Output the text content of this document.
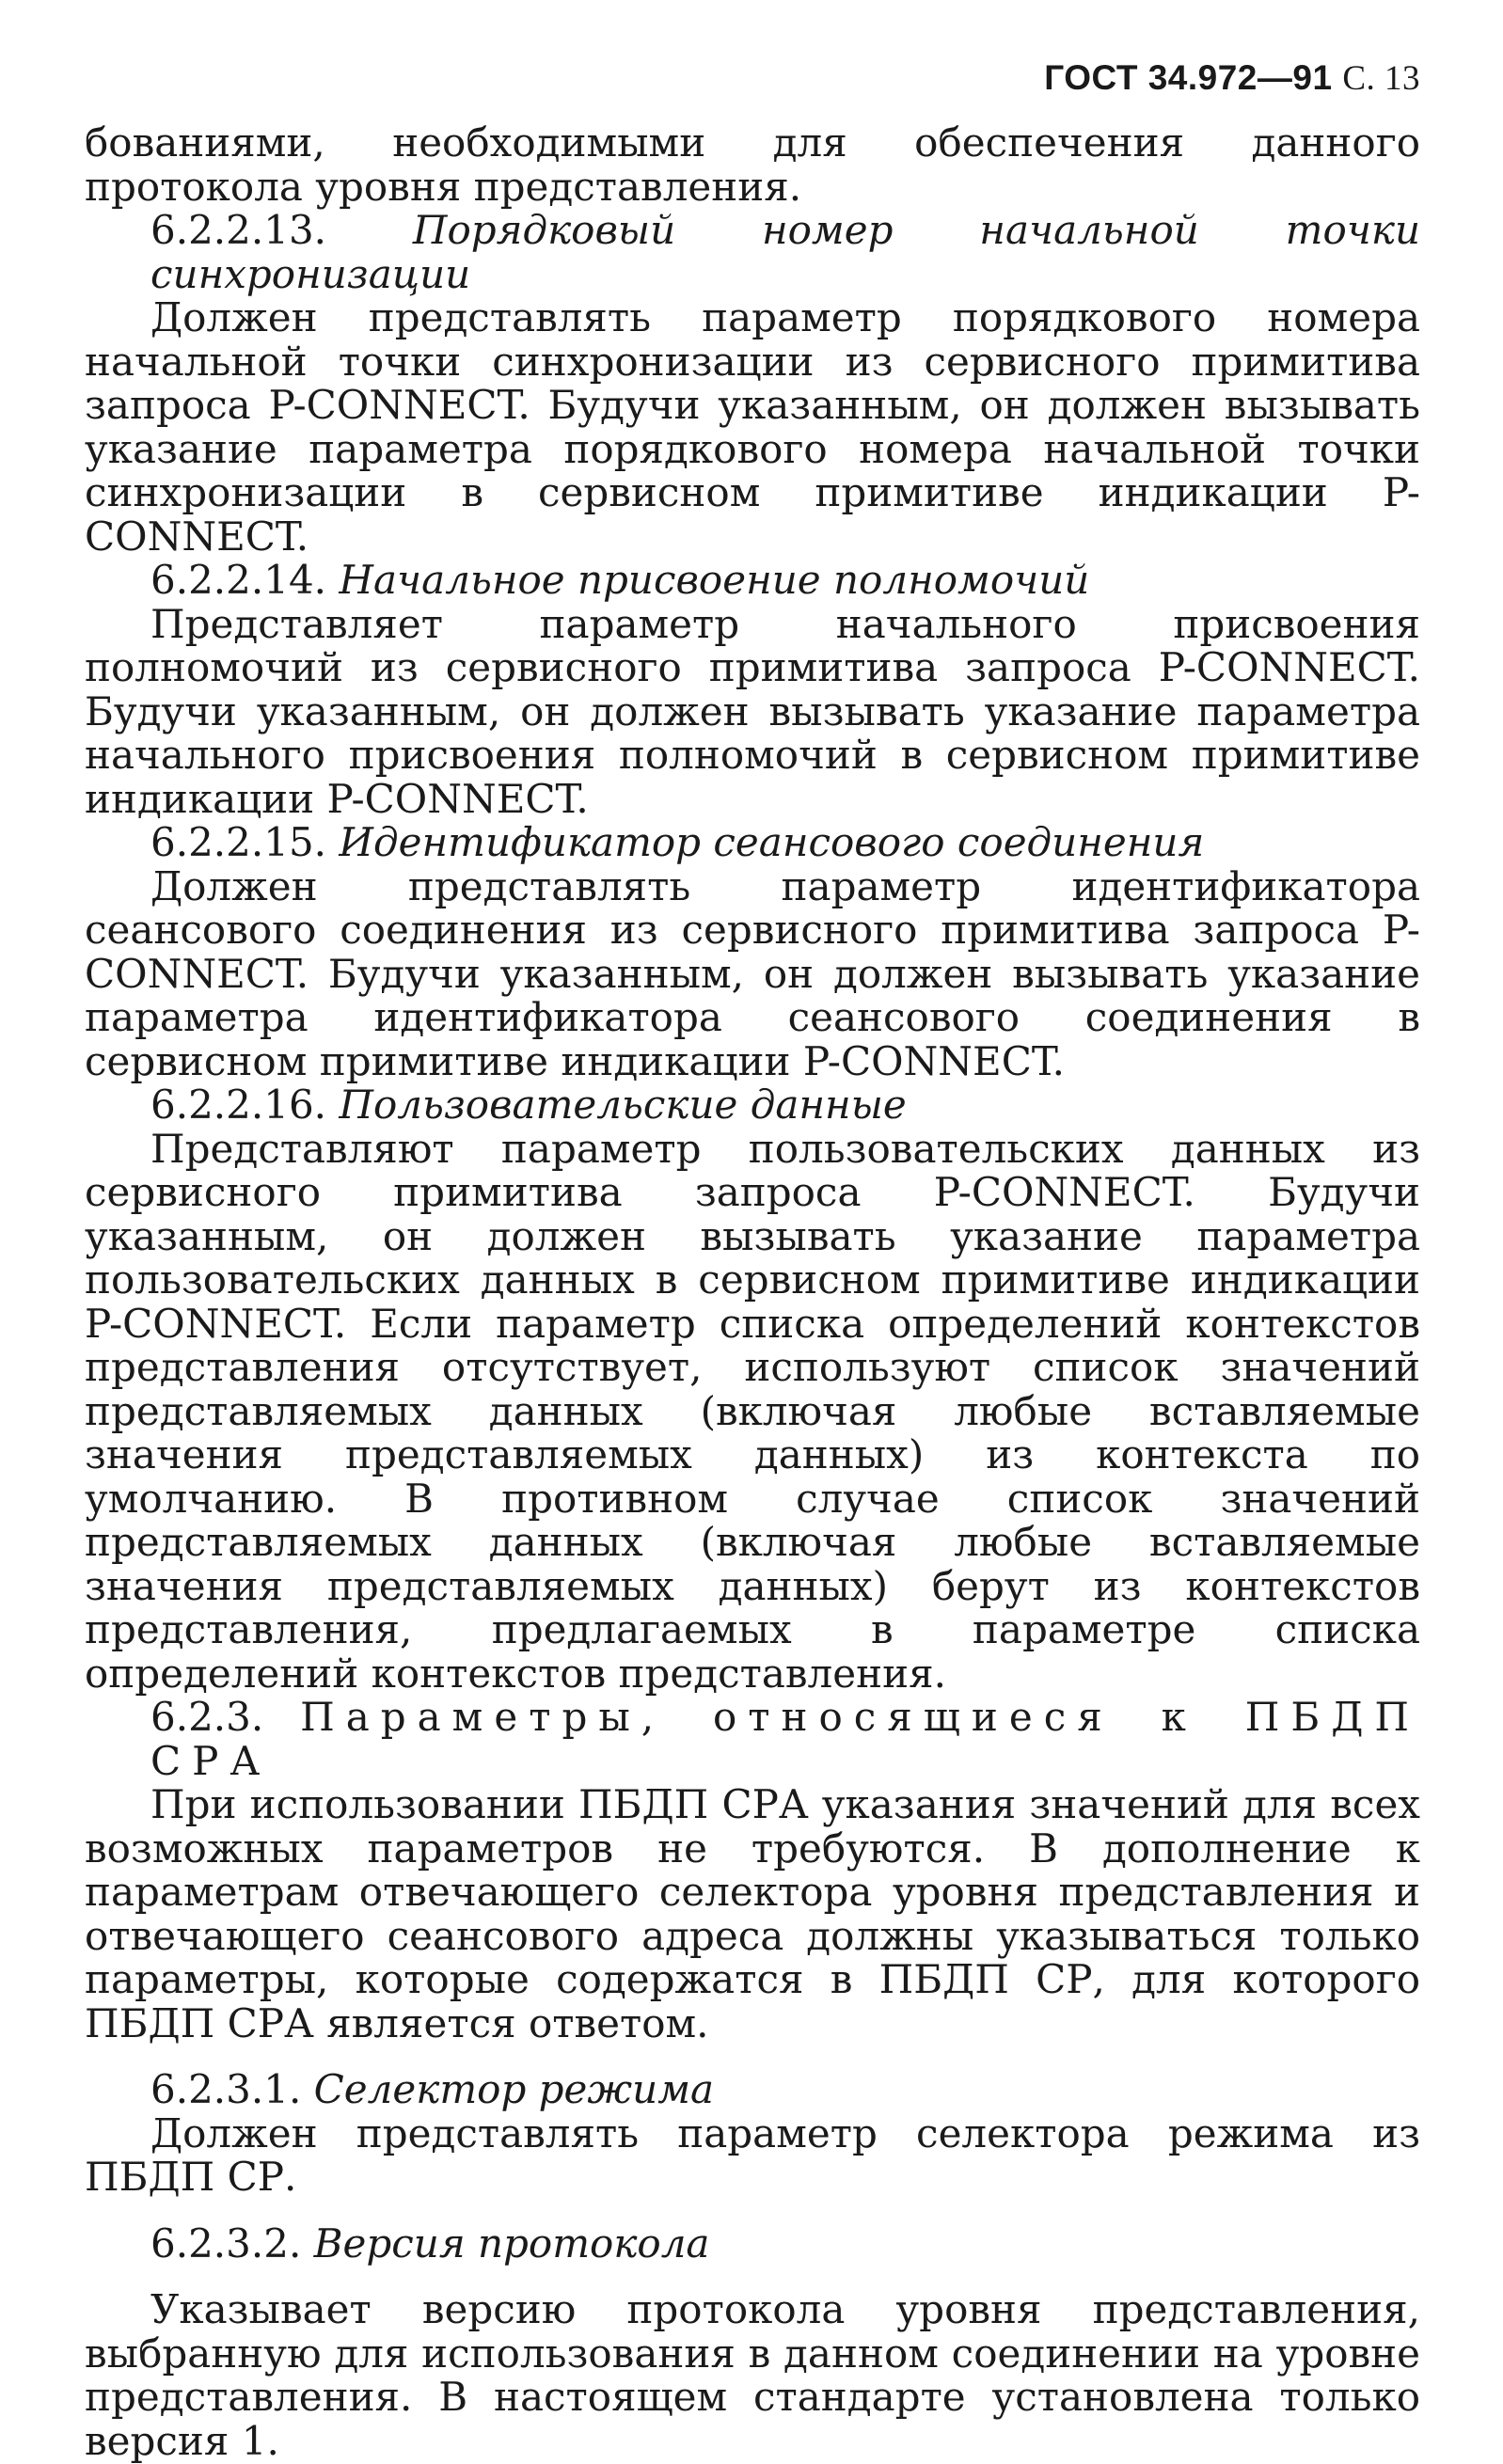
ГОСТ 34.972—91 С. 13

бованиями, необходимыми для обеспечения данного протокола уровня представления.

6.2.2.13. Порядковый номер начальной точки синхронизации

Должен представлять параметр порядкового номера начальной точки синхронизации из сервисного примитива запроса P-CONNECT. Будучи указанным, он должен вызывать указание параметра порядкового номера начальной точки синхронизации в сервисном примитиве индикации P-CONNECT.

6.2.2.14. Начальное присвоение полномочий

Представляет параметр начального присвоения полномочий из сервисного примитива запроса P-CONNECT. Будучи указанным, он должен вызывать указание параметра начального присвоения полномочий в сервисном примитиве индикации P-CONNECT.

6.2.2.15. Идентификатор сеансового соединения

Должен представлять параметр идентификатора сеансового соединения из сервисного примитива запроса P-CONNECT. Будучи указанным, он должен вызывать указание параметра идентификатора сеансового соединения в сервисном примитиве индикации P-CONNECT.

6.2.2.16. Пользовательские данные

Представляют параметр пользовательских данных из сервисного примитива запроса P-CONNECT. Будучи указанным, он должен вызывать указание параметра пользовательских данных в сервисном примитиве индикации P-CONNECT. Если параметр списка определений контекстов представления отсутствует, используют список значений представляемых данных (включая любые вставляемые значения представляемых данных) из контекста по умолчанию. В противном случае список значений представляемых данных (включая любые вставляемые значения представляемых данных) берут из контекстов представления, предлагаемых в параметре списка определений контекстов представления.

6.2.3. Параметры, относящиеся к ПБДП СРА

При использовании ПБДП СРА указания значений для всех возможных параметров не требуются. В дополнение к параметрам отвечающего селектора уровня представления и отвечающего сеансового адреса должны указываться только параметры, которые содержатся в ПБДП СР, для которого ПБДП СРА является ответом.

6.2.3.1. Селектор режима

Должен представлять параметр селектора режима из ПБДП СР.

6.2.3.2. Версия протокола

Указывает версию протокола уровня представления, выбранную для использования в данном соединении на уровне представления. В настоящем стандарте установлена только версия 1.
